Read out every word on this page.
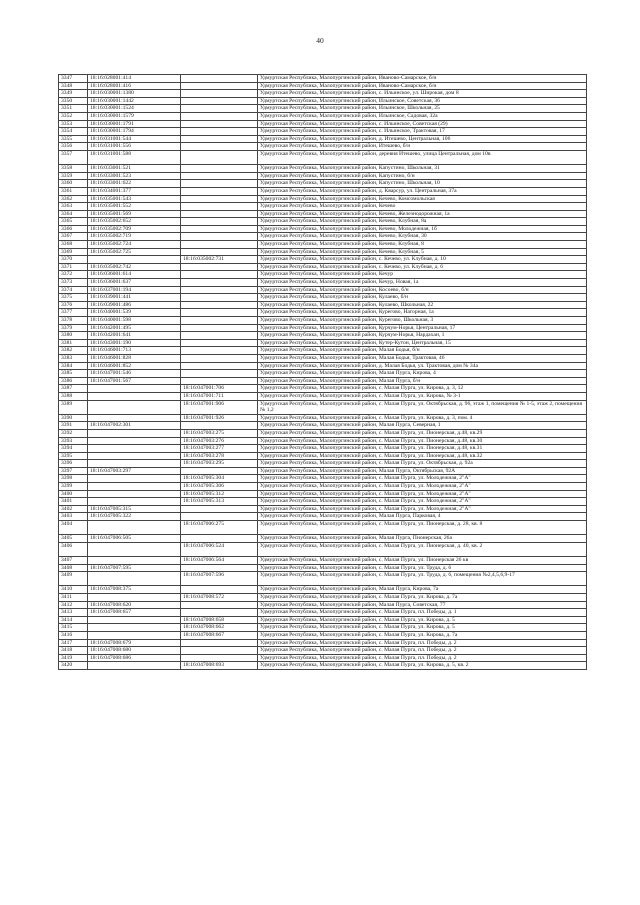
40
3347	18:16:028001:414		Удмуртская Республика, Малопургинский район, Иваново-Самарское, б/н
3348	18:16:028001:416		Удмуртская Республика, Малопургинский район, Иваново-Самарское, б/н
3349	18:16:030001:1380		Удмуртская Республика, Малопургинский район, с. Ильинское, ул. Широкая, дом 8
3350	18:16:030001:1442		Удмуртская Республика, Малопургинский район, Ильинское, Советская, 36
3351	18:16:030001:1524		Удмуртская Республика, Малопургинский район, Ильинское, Школьная, 25
3352	18:16:030001:1579		Удмуртская Республика, Малопургинский район, Ильинское, Садовая, 32а
3353	18:16:030001:1791		Удмуртская Республика, Малопургинский район, с. Ильинское, Советская (29)
3354	18:16:030001:1794		Удмуртская Республика, Малопургинский район, с. Ильинское, Трактовая, 17
3355	18:16:031001:544		Удмуртская Республика, Малопургинский район, д. Итешево, Центральная, 106
3356	18:16:031001:556		Удмуртская Республика, Малопургинский район, Итешево, б/н
3357	18:16:031001:588		Удмуртская Республика, Малопургинский район, деревня Итешево, улица Центральная, дом 10в
3358	18:16:033001:521		Удмуртская Республика, Малопургинский район, Капустино, Школьная, 31
3359	18:16:033001:523		Удмуртская Республика, Малопургинский район, Капустино, б/н
3360	18:16:033001:622		Удмуртская Республика, Малопургинский район, Капустино, Школьная, 10
3361	18:16:034001:377		Удмуртская Республика, Малопургинский район, д. Кварсур, ул. Центральная, 37а
3362	18:16:035001:543		Удмуртская Республика, Малопургинский район, Кечево, Комсомольская
3363	18:16:035001:552		Удмуртская Республика, Малопургинский район, Кечево
3364	18:16:035001:569		Удмуртская Республика, Малопургинский район, Кечево, Железнодорожная, 1а
3365	18:16:035002:652		Удмуртская Республика, Малопургинский район, Кечево, Клубная, 8а
3366	18:16:035002:709		Удмуртская Республика, Малопургинский район, Кечево, Молодежная, 1б
3367	18:16:035002:719		Удмуртская Республика, Малопургинский район, Кечево, Клубная, 30
3368	18:16:035002:724		Удмуртская Республика, Малопургинский район, Кечево, Клубная, 8
3369	18:16:035002:725		Удмуртская Республика, Малопургинский район, Кечево, Клубная, 5
3370		18:16:035002:731	Удмуртская Республика, Малопургинский район, с. Кечево, ул. Клубная, д. 10
3371	18:16:035002:742		Удмуртская Республика, Малопургинский район, с. Кечево, ул. Клубная, д. 6
3372	18:16:036001:614		Удмуртская Республика, Малопургинский район, Кечур
3373	18:16:036001:637		Удмуртская Республика, Малопургинский район, Кечур, Новая, 1а
3374	18:16:037001:194		Удмуртская Республика, Малопургинский район, Косоево, б/н
3375	18:16:039001:441		Удмуртская Республика, Малопургинский район, Кулаево, б/н
3376	18:16:039001:486		Удмуртская Республика, Малопургинский район, Кулаево, Школьная, 22
3377	18:16:040001:539		Удмуртская Республика, Малопургинский район, Курегово, Нагорная, 1а
3378	18:16:040001:598		Удмуртская Республика, Малопургинский район, Курегово, Школьная, 3
3379	18:16:042001:495		Удмуртская Республика, Малопургинский район, Курчум-Норья, Центральная, 17
3380	18:16:042001:641		Удмуртская Республика, Малопургинский район, Курчум-Норья, Нардахан, 1
3381	18:16:043001:190		Удмуртская Республика, Малопургинский район, Кутер-Кутон, Центральная, 15
3382	18:16:046001:713		Удмуртская Республика, Малопургинский район, Малая Бодья, б/н
3383	18:16:046001:828		Удмуртская Республика, Малопургинский район, Малая Бодья, Трактовая, 46
3384	18:16:046001:852		Удмуртская Республика, Малопургинский район, д. Малая Бодья, ул. Трактовая, дом № 34а
3385	18:16:047001:546		Удмуртская Республика, Малопургинский район, Малая Пурга, Кирова, 4
3386	18:16:047001:567		Удмуртская Республика, Малопургинский район, Малая Пурга, б/н
3387		18:16:047001:706	Удмуртская Республика, Малопургинский район, с. Малая Пурга, ул. Кирова, д. 3, 12
3388		18:16:047001:711	Удмуртская Республика, Малопургинский район, с. Малая Пурга, ул. Кирова, № 3-1
3389		18:16:047001:906	Удмуртская Республика, Малопургинский район, с. Малая Пурга, ул. Октябрьская, д. 96, этаж 1, помещения № 1-5, этаж 2, помещения № 1,2
3390		18:16:047001:926	Удмуртская Республика, Малопургинский район, с. Малая Пурга, ул. Кирова, д. 3, пом. 4
3391	18:16:047002:301		Удмуртская Республика, Малопургинский район, Малая Пурга, Северная, 1
3392		18:16:047003:275	Удмуртская Республика, Малопургинский район, с. Малая Пурга, ул. Пионерская, д.48, кв.29
3393		18:16:047003:276	Удмуртская Республика, Малопургинский район, с. Малая Пурга, ул. Пионерская, д.48, кв.30
3394		18:16:047003:277	Удмуртская Республика, Малопургинский район, с. Малая Пурга, ул. Пионерская, д.48, кв.31
3395		18:16:047003:278	Удмуртская Республика, Малопургинский район, с. Малая Пурга, ул. Пионерская, д.48, кв.32
3396		18:16:047003:295	Удмуртская Республика, Малопургинский район, с. Малая Пурга, ул. Октябрьская, д. 92а
3397	18:16:047003:297		Удмуртская Республика, Малопургинский район, Малая Пурга, Октябрьская, 92А
3398		18:16:047005:304	Удмуртская Республика, Малопургинский район, с. Малая Пурга, ул. Молодежная, 2"А"
3399		18:16:047005:306	Удмуртская Республика, Малопургинский район, с. Малая Пурга, ул. Молодежная, 2"А"
3400		18:16:047005:312	Удмуртская Республика, Малопургинский район, с. Малая Пурга, ул. Молодежная, 2"А"
3401		18:16:047005:313	Удмуртская Республика, Малопургинский район, с. Малая Пурга, ул. Молодежная, 2"А"
3402	18:16:047005:315		Удмуртская Республика, Малопургинский район, с. Малая Пурга, ул. Молодежная, 2"А"
3403	18:16:047005:322		Удмуртская Республика, Малопургинский район, Малая Пурга, Парковая, 4
3404		18:16:047006:275	Удмуртская Республика, Малопургинский район, с. Малая Пурга, ул. Пионерская, д. 28, кв. 8
3405	18:16:047006:505		Удмуртская Республика, Малопургинский район, Малая Пурга, Пионерская, 26а
3406		18:16:047006:524	Удмуртская Республика, Малопургинский район, с. Малая Пурга, ул. Пионерская, д. 40, кв. 2
3407		18:16:047006:564	Удмуртская Республика, Малопургинский район, с. Малая Пурга, ул. Пионерская 26 кв
3408	18:16:047007:595		Удмуртская Республика, Малопургинский район, с. Малая Пурга, ул. Труда, д. 6
3409		18:16:047007:596	Удмуртская Республика, Малопургинский район, с. Малая Пурга, ул. Труда, д. 6, помещения №2,4,5,6,9-17
3410	18:16:047008:375		Удмуртская Республика, Малопургинский район, Малая Пурга, Кирова, 7а
3411		18:16:047008:572	Удмуртская Республика, Малопургинский район, с. Малая Пурга, ул. Кирова, д. 7а
3412	18:16:047008:620		Удмуртская Республика, Малопургинский район, Малая Пурга, Советская, 77
3413	18:16:047008:657		Удмуртская Республика, Малопургинский район, с. Малая Пурга, пл. Победы, д. 1
3414		18:16:047008:658	Удмуртская Республика, Малопургинский район, с. Малая Пурга, ул. Кирова, д. 5
3415		18:16:047008:662	Удмуртская Республика, Малопургинский район, с. Малая Пурга, ул. Кирова, д. 5
3416		18:16:047008:667	Удмуртская Республика, Малопургинский район, с. Малая Пурга, ул. Кирова, д. 7а
3417	18:16:047008:679		Удмуртская Республика, Малопургинский район, с. Малая Пурга, пл. Победы, д. 2
3418	18:16:047008:680		Удмуртская Республика, Малопургинский район, с. Малая Пурга, пл. Победы, д. 2
3419	18:16:047008:686		Удмуртская Республика, Малопургинский район, с. Малая Пурга, пл. Победы, д. 2
3420		18:16:047008:693	Удмуртская Республика, Малопургинский район, с. Малая Пурга, ул. Кирова, д. 5, кв. 2
